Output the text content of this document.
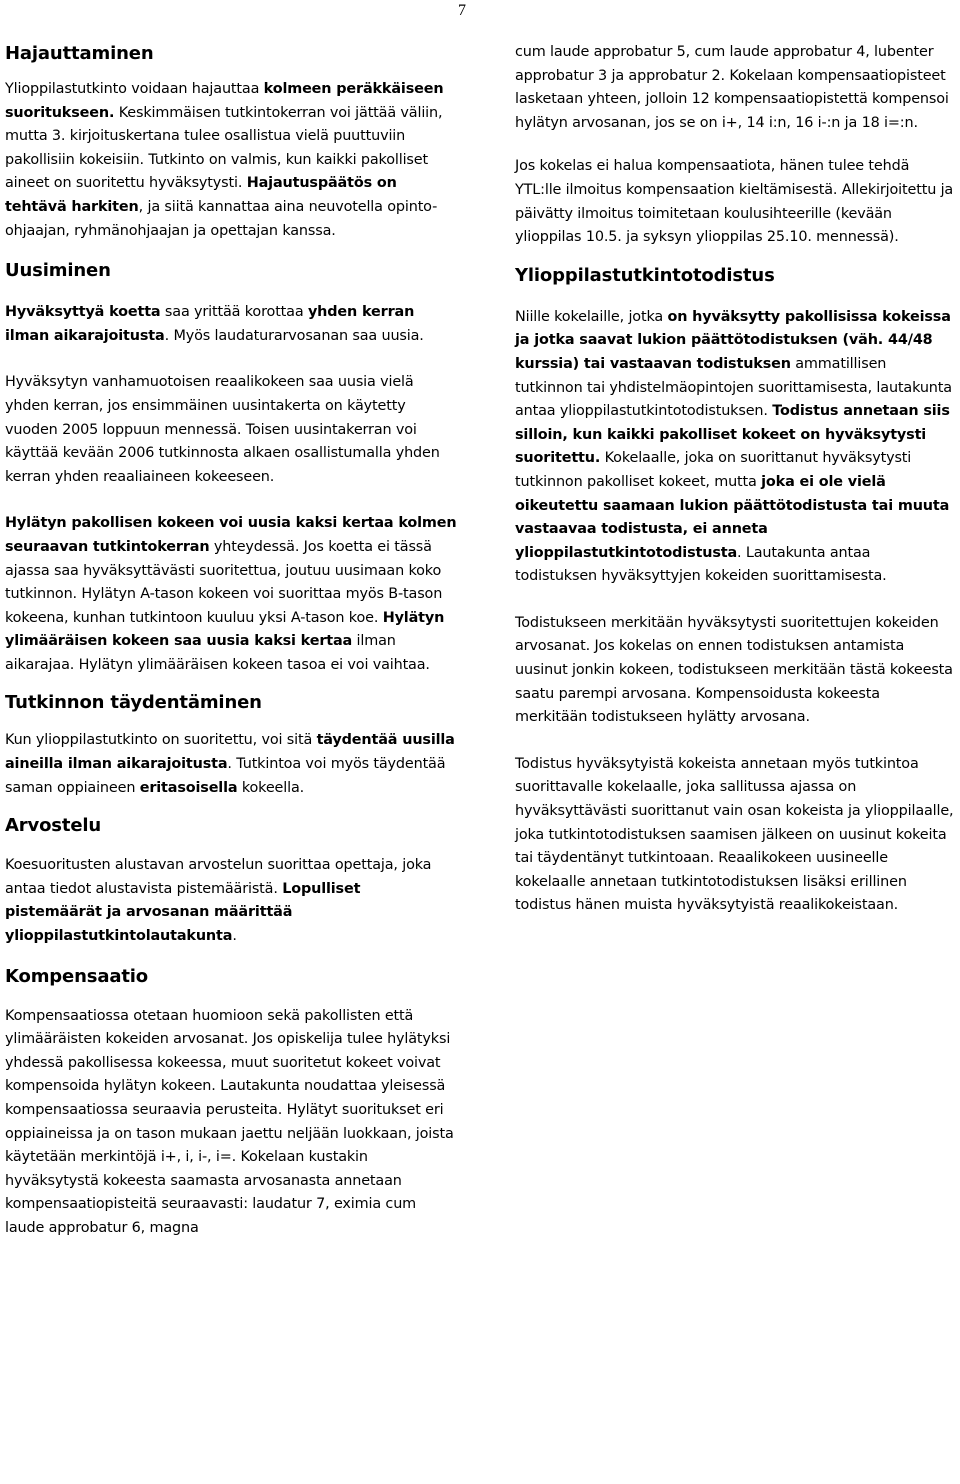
7
Hajauttaminen

Ylioppilastutkinto voidaan hajauttaa kolmeen peräkkäiseen suoritukseen. Keskimmäisen tutkintokerran voi jättää väliin, mutta 3. kirjoituskertana tulee osallistua vielä puuttuviin pakollisiin kokeisiin. Tutkinto on valmis, kun kaikki pakolliset aineet on suoritettu hyväksytysti. Hajautuspäätös on tehtävä harkiten, ja siitä kannattaa aina neuvotella opinto-ohjaajan, ryhmänohjaajan ja opettajan kanssa.

Uusiminen

Hyväksyttyä koetta saa yrittää korottaa yhden kerran ilman aikarajoitusta. Myös laudaturarvosanan saa uusia.

Hyväksytyn vanhamuotoisen reaalikokeen saa uusia vielä yhden kerran, jos ensimmäinen uusintakerta on käytetty vuoden 2005 loppuun mennessä. Toisen uusintakerran voi käyttää kevään 2006 tutkinnosta alkaen osallistumalla yhden kerran yhden reaaliaineen kokeeseen.

Hylätyn pakollisen kokeen voi uusia kaksi kertaa kolmen seuraavan tutkintokerran yhteydessä. Jos koetta ei tässä ajassa saa hyväksyttävästi suoritettua, joutuu uusimaan koko tutkinnon. Hylätyn A-tason kokeen voi suorittaa myös B-tason kokeena, kunhan tutkintoon kuuluu yksi A-tason koe. Hylätyn ylimääräisen kokeen saa uusia kaksi kertaa ilman aikarajaa. Hylätyn ylimääräisen kokeen tasoa ei voi vaihtaa.

Tutkinnon täydentäminen

Kun ylioppilastutkinto on suoritettu, voi sitä täydentää uusilla aineilla ilman aikarajoitusta. Tutkintoa voi myös täydentää saman oppiaineen eritasoisella kokeella.

Arvostelu

Koesuoritusten alustavan arvostelun suorittaa opettaja, joka antaa tiedot alustavista pistemääristä. Lopulliset pistemäärät ja arvosanan määrittää ylioppilastutkintolautakunta.

Kompensaatio

Kompensaatiossa otetaan huomioon sekä pakollisten että ylimääräisten kokeiden arvosanat. Jos opiskelija tulee hylätyksi yhdessä pakollisessa kokeessa, muut suoritetut kokeet voivat kompensoida hylätyn kokeen. Lautakunta noudattaa yleisessä kompensaatiossa seuraavia perusteita. Hylätyt suoritukset eri oppiaineissa ja on tason mukaan jaettu neljään luokkaan, joista käytetään merkintöjä i+, i, i-, i=. Kokelaan kustakin hyväksytystä kokeesta saamasta arvosanasta annetaan kompensaatiopisteitä seuraavasti: laudatur 7, eximia cum laude approbatur 6, magna

cum laude approbatur 5, cum laude approbatur 4, lubenter approbatur 3 ja approbatur 2. Kokelaan kompensaatiopisteet lasketaan yhteen, jolloin 12 kompensaatiopistettä kompensoi hylätyn arvosanan, jos se on i+, 14 i:n, 16 i-:n ja 18 i=:n.

Jos kokelas ei halua kompensaatiota, hänen tulee tehdä YTL:lle ilmoitus kompensaation kieltämisestä. Allekirjoitettu ja päivätty ilmoitus toimitetaan koulusihteerille (kevään ylioppilas 10.5. ja syksyn ylioppilas 25.10. mennessä).

Ylioppilastutkintotodistus

Niille kokelaille, jotka on hyväksytty pakollisissa kokeissa ja jotka saavat lukion päättötodistuksen (väh. 44/48 kurssia) tai vastaavan todistuksen ammatillisen tutkinnon tai yhdistelmäopintojen suorittamisesta, lautakunta antaa ylioppilastutkintotodistuksen. Todistus annetaan siis silloin, kun kaikki pakolliset kokeet on hyväksytysti suoritettu. Kokelaalle, joka on suorittanut hyväksytysti tutkinnon pakolliset kokeet, mutta joka ei ole vielä oikeutettu saamaan lukion päättötodistusta tai muuta vastaavaa todistusta, ei anneta ylioppilastutkintotodistusta. Lautakunta antaa todistuksen hyväksyttyjen kokeiden suorittamisesta.

Todistukseen merkitään hyväksytysti suoritettujen kokeiden arvosanat. Jos kokelas on ennen todistuksen antamista uusinut jonkin kokeen, todistukseen merkitään tästä kokeesta saatu parempi arvosana. Kompensoidusta kokeesta merkitään todistukseen hylätty arvosana.

Todistus hyväksytyistä kokeista annetaan myös tutkintoa suorittavalle kokelaalle, joka sallitussa ajassa on hyväksyttävästi suorittanut vain osan kokeista ja ylioppilaalle, joka tutkintotodistuksen saamisen jälkeen on uusinut kokeita tai täydentänyt tutkintoaan. Reaalikokeen uusineelle kokelaalle annetaan tutkintotodistuksen lisäksi erillinen todistus hänen muista hyväksytyistä reaalikokeistaan.
